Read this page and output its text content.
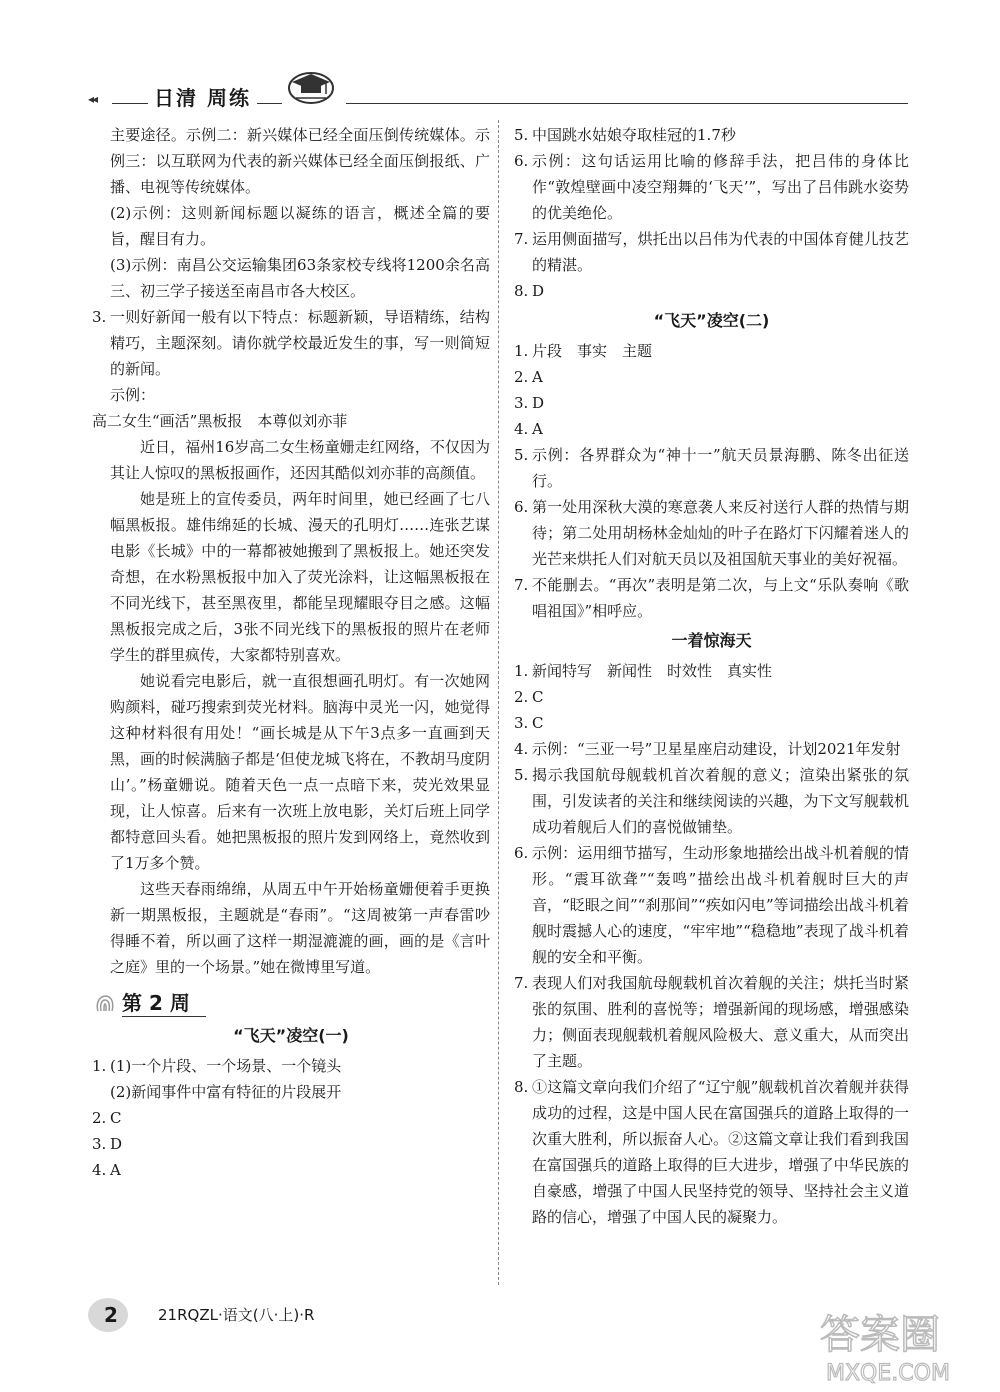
◂◂	日清 周练

主要途径。示例二：新兴媒体已经全面压倒传统媒体。示例三：以互联网为代表的新兴媒体已经全面压倒报纸、广播、电视等传统媒体。

(2)示例：这则新闻标题以凝练的语言，概述全篇的要旨，醒目有力。

(3)示例：南昌公交运输集团63条家校专线将1200余名高三、初三学子接送至南昌市各大校区。

3. 一则好新闻一般有以下特点：标题新颖，导语精练，结构精巧，主题深刻。请你就学校最近发生的事，写一则简短的新闻。

示例：

高二女生“画活”黑板报　本尊似刘亦菲

近日，福州16岁高二女生杨童姗走红网络，不仅因为其让人惊叹的黑板报画作，还因其酷似刘亦菲的高颜值。

她是班上的宣传委员，两年时间里，她已经画了七八幅黑板报。雄伟绵延的长城、漫天的孔明灯……连张艺谋电影《长城》中的一幕都被她搬到了黑板报上。她还突发奇想，在水粉黑板报中加入了荧光涂料，让这幅黑板报在不同光线下，甚至黑夜里，都能呈现耀眼夺目之感。这幅黑板报完成之后，3张不同光线下的黑板报的照片在老师学生的群里疯传，大家都特别喜欢。

她说看完电影后，就一直很想画孔明灯。有一次她网购颜料，碰巧搜索到荧光材料。脑海中灵光一闪，她觉得这种材料很有用处！“画长城是从下午3点多一直画到天黑，画的时候满脑子都是‘但使龙城飞将在，不教胡马度阴山’。”杨童姗说。随着天色一点一点暗下来，荧光效果显现，让人惊喜。后来有一次班上放电影，关灯后班上同学都特意回头看。她把黑板报的照片发到网络上，竟然收到了1万多个赞。

这些天春雨绵绵，从周五中午开始杨童姗便着手更换新一期黑板报，主题就是“春雨”。“这周被第一声春雷吵得睡不着，所以画了这样一期湿漉漉的画，画的是《言叶之庭》里的一个场景。”她在微博里写道。

第 2 周
“飞天”凌空(一)
1. (1)一个片段、一个场景、一个镜头
(2)新闻事件中富有特征的片段展开
2. C
3. D
4. A
5. 中国跳水姑娘夺取桂冠的1.7秒
6. 示例：这句话运用比喻的修辞手法，把吕伟的身体比作“敦煌壁画中凌空翔舞的‘飞天’”，写出了吕伟跳水姿势的优美绝伦。
7. 运用侧面描写，烘托出以吕伟为代表的中国体育健儿技艺的精湛。
8. D
“飞天”凌空(二)
1. 片段　事实　主题
2. A
3. D
4. A
5. 示例：各界群众为“神十一”航天员景海鹏、陈冬出征送行。
6. 第一处用深秋大漠的寒意袭人来反衬送行人群的热情与期待；第二处用胡杨林金灿灿的叶子在路灯下闪耀着迷人的光芒来烘托人们对航天员以及祖国航天事业的美好祝福。
7. 不能删去。“再次”表明是第二次，与上文“乐队奏响《歌唱祖国》”相呼应。
一着惊海天
1. 新闻特写　新闻性　时效性　真实性
2. C
3. C
4. 示例：“三亚一号”卫星星座启动建设，计划2021年发射
5. 揭示我国航母舰载机首次着舰的意义；渲染出紧张的氛围，引发读者的关注和继续阅读的兴趣，为下文写舰载机成功着舰后人们的喜悦做铺垫。
6. 示例：运用细节描写，生动形象地描绘出战斗机着舰的情形。“震耳欲聋”“轰鸣”描绘出战斗机着舰时巨大的声音，“眨眼之间”“刹那间”“疾如闪电”等词描绘出战斗机着舰时震撼人心的速度，“牢牢地”“稳稳地”表现了战斗机着舰的安全和平衡。
7. 表现人们对我国航母舰载机首次着舰的关注；烘托当时紧张的氛围、胜利的喜悦等；增强新闻的现场感，增强感染力；侧面表现舰载机着舰风险极大、意义重大，从而突出了主题。
8. ①这篇文章向我们介绍了“辽宁舰”舰载机首次着舰并获得成功的过程，这是中国人民在富国强兵的道路上取得的一次重大胜利，所以振奋人心。②这篇文章让我们看到我国在富国强兵的道路上取得的巨大进步，增强了中华民族的自豪感，增强了中国人民坚持党的领导、坚持社会主义道路的信心，增强了中国人民的凝聚力。
2	21RQZL·语文(八·上)·R	答案圈
MXQE.COM
